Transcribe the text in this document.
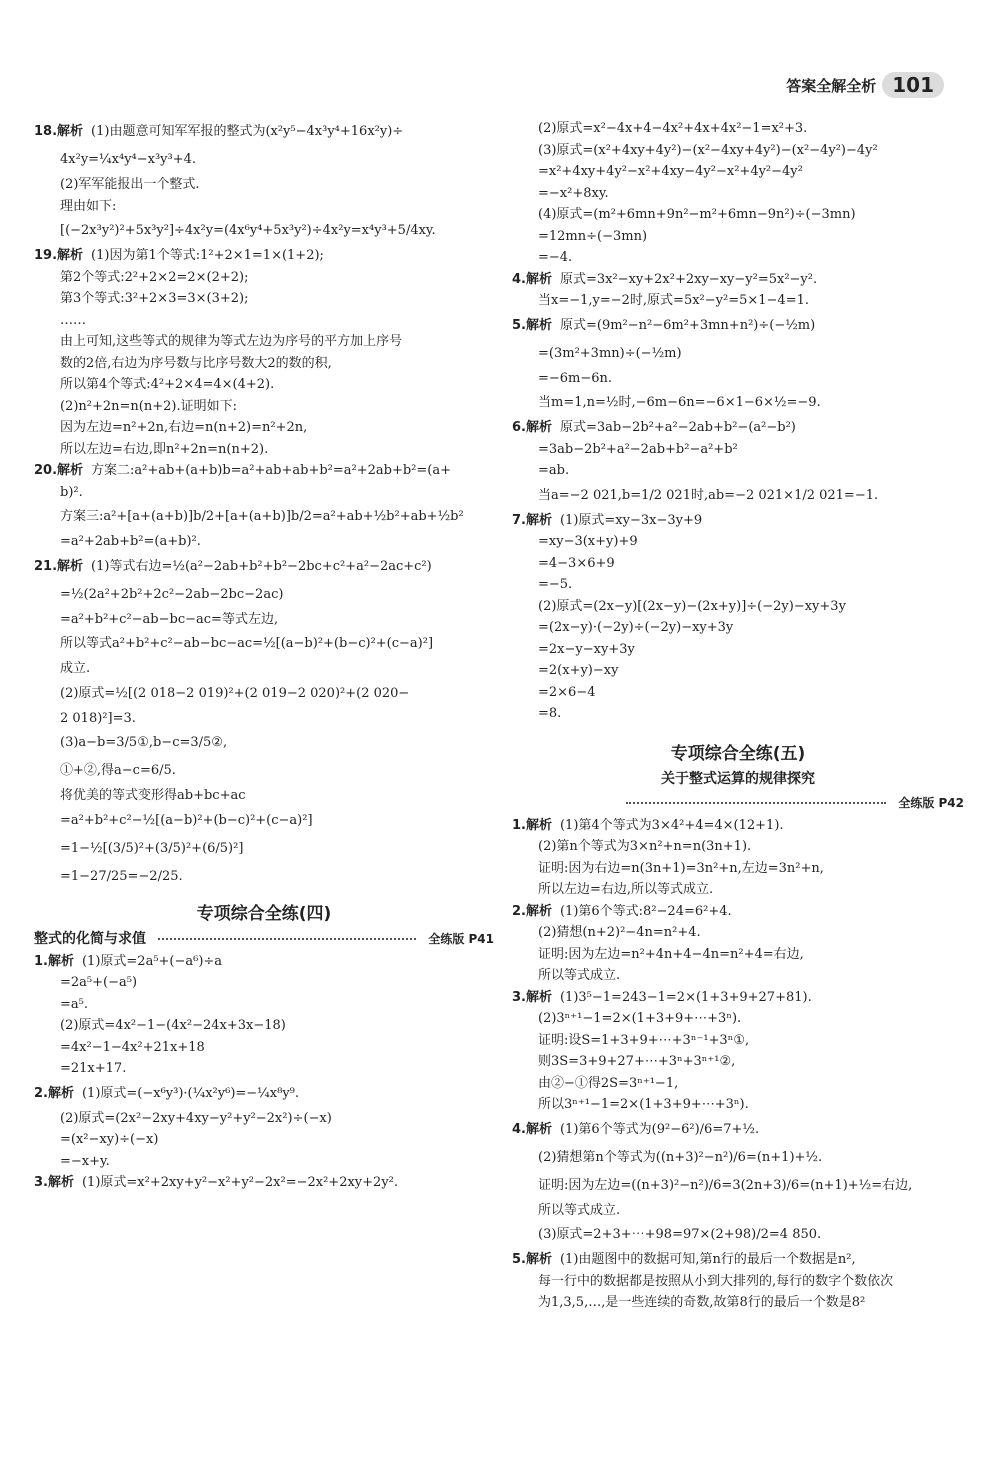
答案全解全析 101
18.解析 (1)由题意可知军军报的整式为(x²y⁵−4x³y⁴+16x²y)÷
4x²y=¼x⁴y⁴−x³y³+4.
(2)军军能报出一个整式.
理由如下:
[(−2x³y²)²+5x³y²]÷4x²y=(4x⁶y⁴+5x³y²)÷4x²y=x⁴y³+5/4xy.
19.解析 (1)因为第1个等式:1²+2×1=1×(1+2);
第2个等式:2²+2×2=2×(2+2);
第3个等式:3²+2×3=3×(3+2);
……
由上可知,这些等式的规律为等式左边为序号的平方加上序号
数的2倍,右边为序号数与比序号数大2的数的积,
所以第4个等式:4²+2×4=4×(4+2).
(2)n²+2n=n(n+2).证明如下:
因为左边=n²+2n,右边=n(n+2)=n²+2n,
所以左边=右边,即n²+2n=n(n+2).
20.解析 方案二:a²+ab+(a+b)b=a²+ab+ab+b²=a²+2ab+b²=(a+
b)².
方案三:a²+[a+(a+b)]b/2+[a+(a+b)]b/2=a²+ab+½b²+ab+½b²
=a²+2ab+b²=(a+b)².
21.解析 (1)等式右边=½(a²−2ab+b²+b²−2bc+c²+a²−2ac+c²)
=½(2a²+2b²+2c²−2ab−2bc−2ac)
=a²+b²+c²−ab−bc−ac=等式左边,
所以等式a²+b²+c²−ab−bc−ac=½[(a−b)²+(b−c)²+(c−a)²]
成立.
(2)原式=½[(2 018−2 019)²+(2 019−2 020)²+(2 020−
2 018)²]=3.
(3)a−b=3/5①,b−c=3/5②,
①+②,得a−c=6/5.
将优美的等式变形得ab+bc+ac
=a²+b²+c²−½[(a−b)²+(b−c)²+(c−a)²]
=1−½[(3/5)²+(3/5)²+(6/5)²]
=1−27/25=−2/25.
专项综合全练(四)
整式的化简与求值	全练版 P41
1.解析 (1)原式=2a⁵+(−a⁶)÷a
=2a⁵+(−a⁵)
=a⁵.
(2)原式=4x²−1−(4x²−24x+3x−18)
=4x²−1−4x²+21x+18
=21x+17.
2.解析 (1)原式=(−x⁶y³)·(¼x²y⁶)=−¼x⁸y⁹.
(2)原式=(2x²−2xy+4xy−y²+y²−2x²)÷(−x)
=(x²−xy)÷(−x)
=−x+y.
3.解析 (1)原式=x²+2xy+y²−x²+y²−2x²=−2x²+2xy+2y².
(2)原式=x²−4x+4−4x²+4x+4x²−1=x²+3.
(3)原式=(x²+4xy+4y²)−(x²−4xy+4y²)−(x²−4y²)−4y²
=x²+4xy+4y²−x²+4xy−4y²−x²+4y²−4y²
=−x²+8xy.
(4)原式=(m²+6mn+9n²−m²+6mn−9n²)÷(−3mn)
=12mn÷(−3mn)
=−4.
4.解析 原式=3x²−xy+2x²+2xy−xy−y²=5x²−y².
当x=−1,y=−2时,原式=5x²−y²=5×1−4=1.
5.解析 原式=(9m²−n²−6m²+3mn+n²)÷(−½m)
=(3m²+3mn)÷(−½m)
=−6m−6n.
当m=1,n=½时,−6m−6n=−6×1−6×½=−9.
6.解析 原式=3ab−2b²+a²−2ab+b²−(a²−b²)
=3ab−2b²+a²−2ab+b²−a²+b²
=ab.
当a=−2 021,b=1/2 021时,ab=−2 021×1/2 021=−1.
7.解析 (1)原式=xy−3x−3y+9
=xy−3(x+y)+9
=4−3×6+9
=−5.
(2)原式=(2x−y)[(2x−y)−(2x+y)]÷(−2y)−xy+3y
=(2x−y)·(−2y)÷(−2y)−xy+3y
=2x−y−xy+3y
=2(x+y)−xy
=2×6−4
=8.
专项综合全练(五)
关于整式运算的规律探究
全练版 P42
1.解析 (1)第4个等式为3×4²+4=4×(12+1).
(2)第n个等式为3×n²+n=n(3n+1).
证明:因为右边=n(3n+1)=3n²+n,左边=3n²+n,
所以左边=右边,所以等式成立.
2.解析 (1)第6个等式:8²−24=6²+4.
(2)猜想(n+2)²−4n=n²+4.
证明:因为左边=n²+4n+4−4n=n²+4=右边,
所以等式成立.
3.解析 (1)3⁵−1=243−1=2×(1+3+9+27+81).
(2)3ⁿ⁺¹−1=2×(1+3+9+⋯+3ⁿ).
证明:设S=1+3+9+⋯+3ⁿ⁻¹+3ⁿ①,
则3S=3+9+27+⋯+3ⁿ+3ⁿ⁺¹②,
由②−①得2S=3ⁿ⁺¹−1,
所以3ⁿ⁺¹−1=2×(1+3+9+⋯+3ⁿ).
4.解析 (1)第6个等式为(9²−6²)/6=7+½.
(2)猜想第n个等式为((n+3)²−n²)/6=(n+1)+½.
证明:因为左边=((n+3)²−n²)/6=3(2n+3)/6=(n+1)+½=右边,
所以等式成立.
(3)原式=2+3+⋯+98=97×(2+98)/2=4 850.
5.解析 (1)由题图中的数据可知,第n行的最后一个数据是n²,
每一行中的数据都是按照从小到大排列的,每行的数字个数依次
为1,3,5,…,是一些连续的奇数,故第8行的最后一个数是8²
